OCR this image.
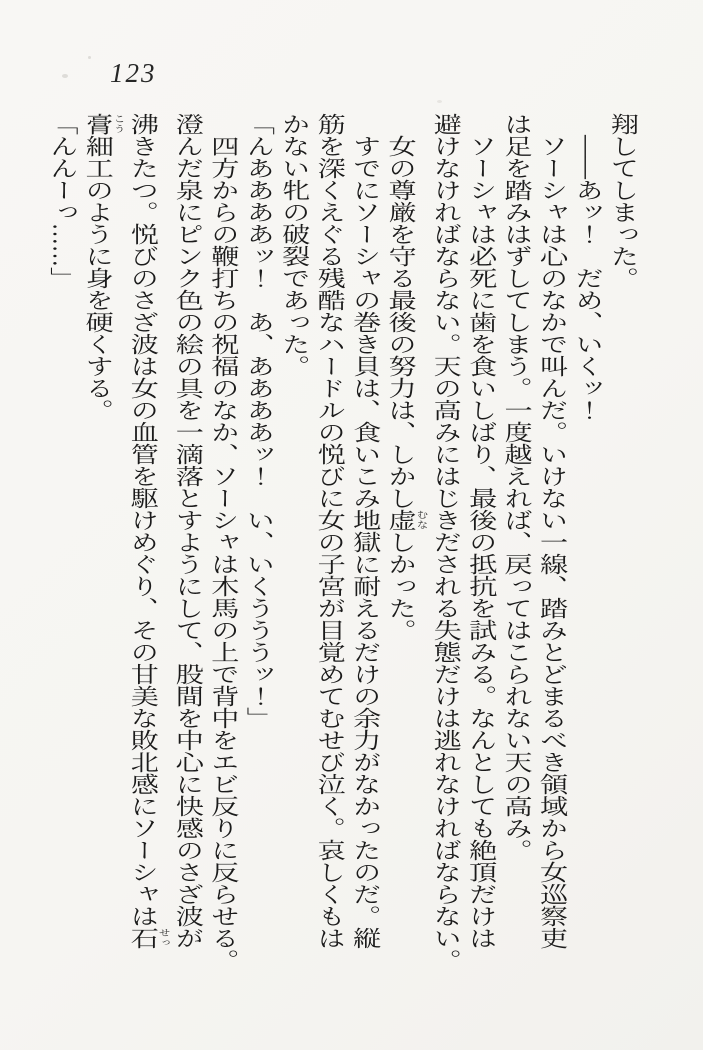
123

翔してしまった。

――あッ！　だめ、いくッ！

ソーシャは心のなかで叫んだ。いけない一線、踏みとどまるべき領域から女巡察吏

は足を踏みはずしてしまう。一度越えれば、戻ってはこられない天の高み。

ソーシャは必死に歯を食いしばり、最後の抵抗を試みる。なんとしても絶頂だけは

避けなければならない。天の高みにはじきだされる失態だけは逃れなければならない。

女の尊厳を守る最後の努力は、しかし虚むなしかった。

すでにソーシャの巻き貝は、食いこみ地獄に耐えるだけの余力がなかったのだ。縦

筋を深くえぐる残酷なハードルの悦びに女の子宮が目覚めてむせび泣く。哀しくもは

かない牝の破裂であった。

「んああああッ！　あ、ああああッ！　い、いくうううッ！」

四方からの鞭打ちの祝福のなか、ソーシャは木馬の上で背中をエビ反りに反らせる。

澄んだ泉にピンク色の絵の具を一滴落とすようにして、股間を中心に快感のさざ波が

沸きたつ。悦びのさざ波は女の血管を駆けめぐり、その甘美な敗北感にソーシャは石せっ

膏こう細工のように身を硬くする。

「んんーっ……」
